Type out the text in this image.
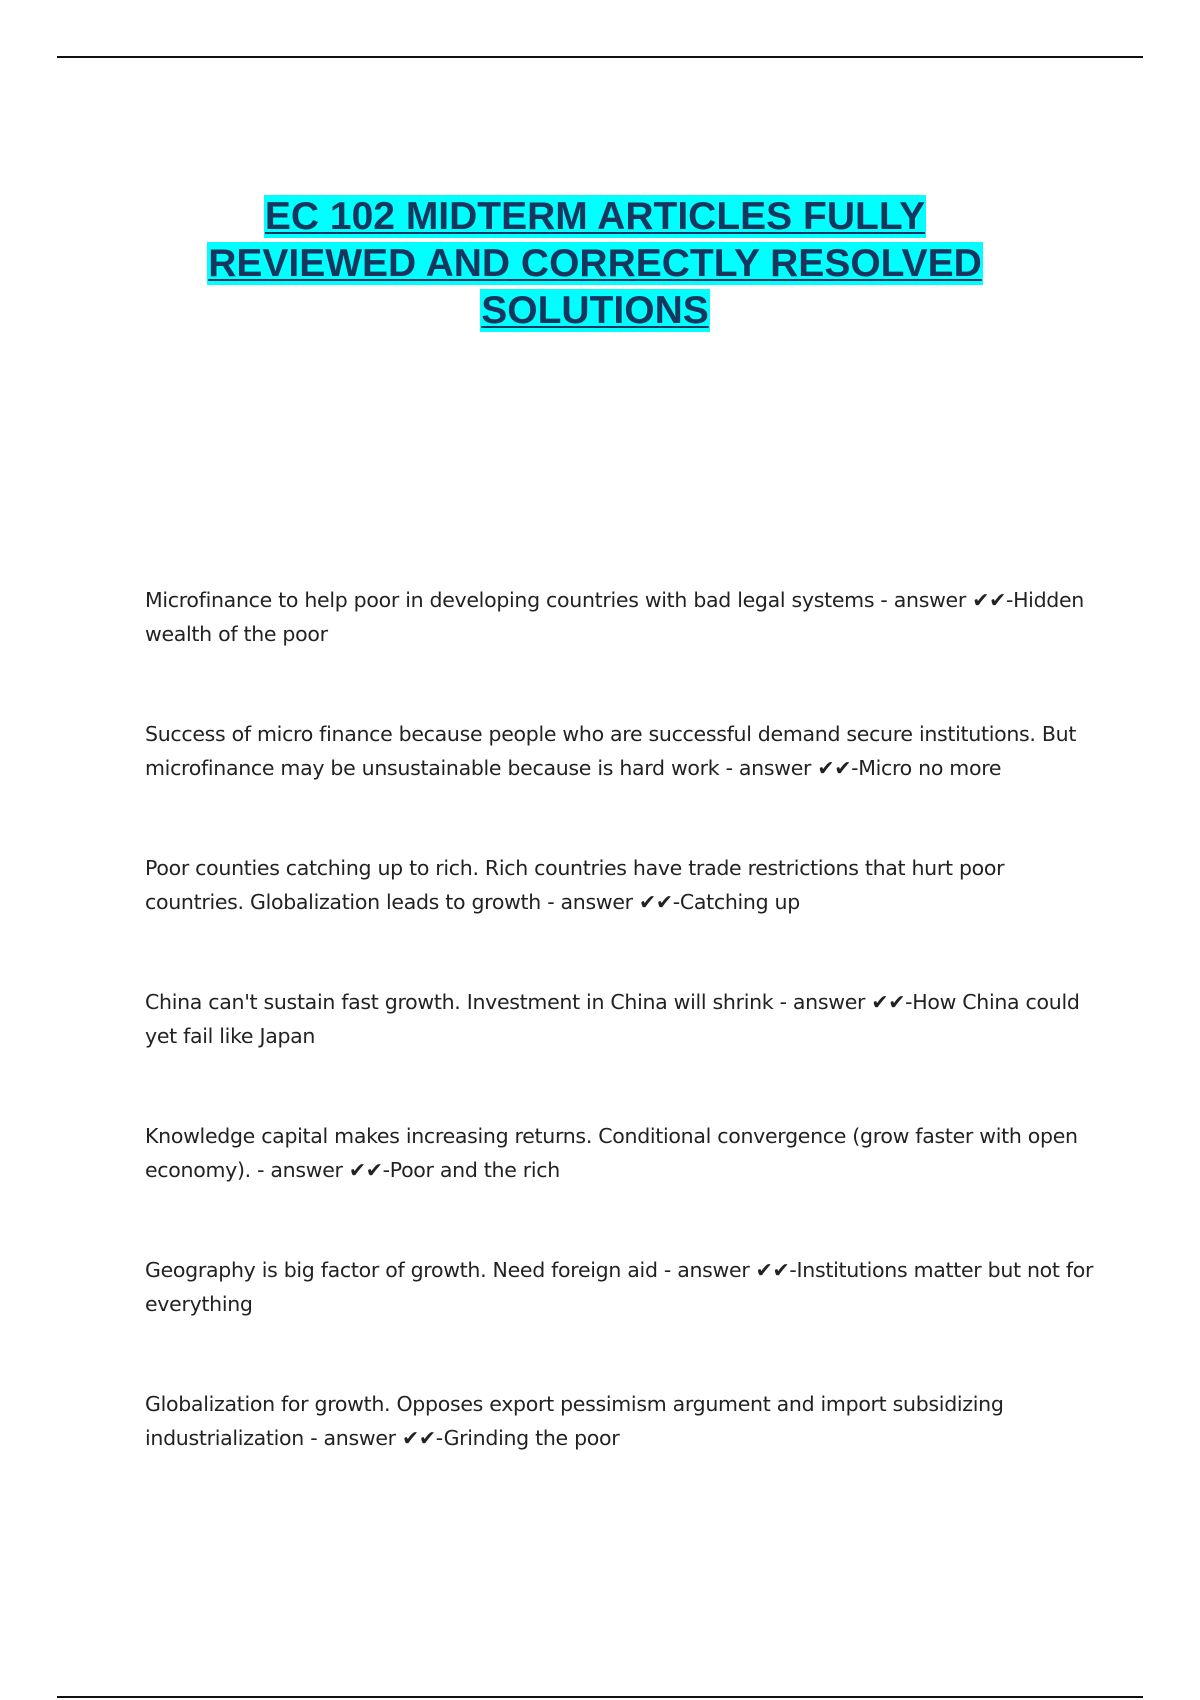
EC 102 MIDTERM ARTICLES FULLY
REVIEWED AND CORRECTLY RESOLVED
SOLUTIONS
Microfinance to help poor in developing countries with bad legal systems - answer ✔✔-Hidden wealth of the poor
Success of micro finance because people who are successful demand secure institutions. But microfinance may be unsustainable because is hard work - answer ✔✔-Micro no more
Poor counties catching up to rich. Rich countries have trade restrictions that hurt poor countries. Globalization leads to growth - answer ✔✔-Catching up
China can't sustain fast growth. Investment in China will shrink - answer ✔✔-How China could yet fail like Japan
Knowledge capital makes increasing returns. Conditional convergence (grow faster with open economy). - answer ✔✔-Poor and the rich
Geography is big factor of growth. Need foreign aid - answer ✔✔-Institutions matter but not for everything
Globalization for growth. Opposes export pessimism argument and import subsidizing industrialization - answer ✔✔-Grinding the poor
